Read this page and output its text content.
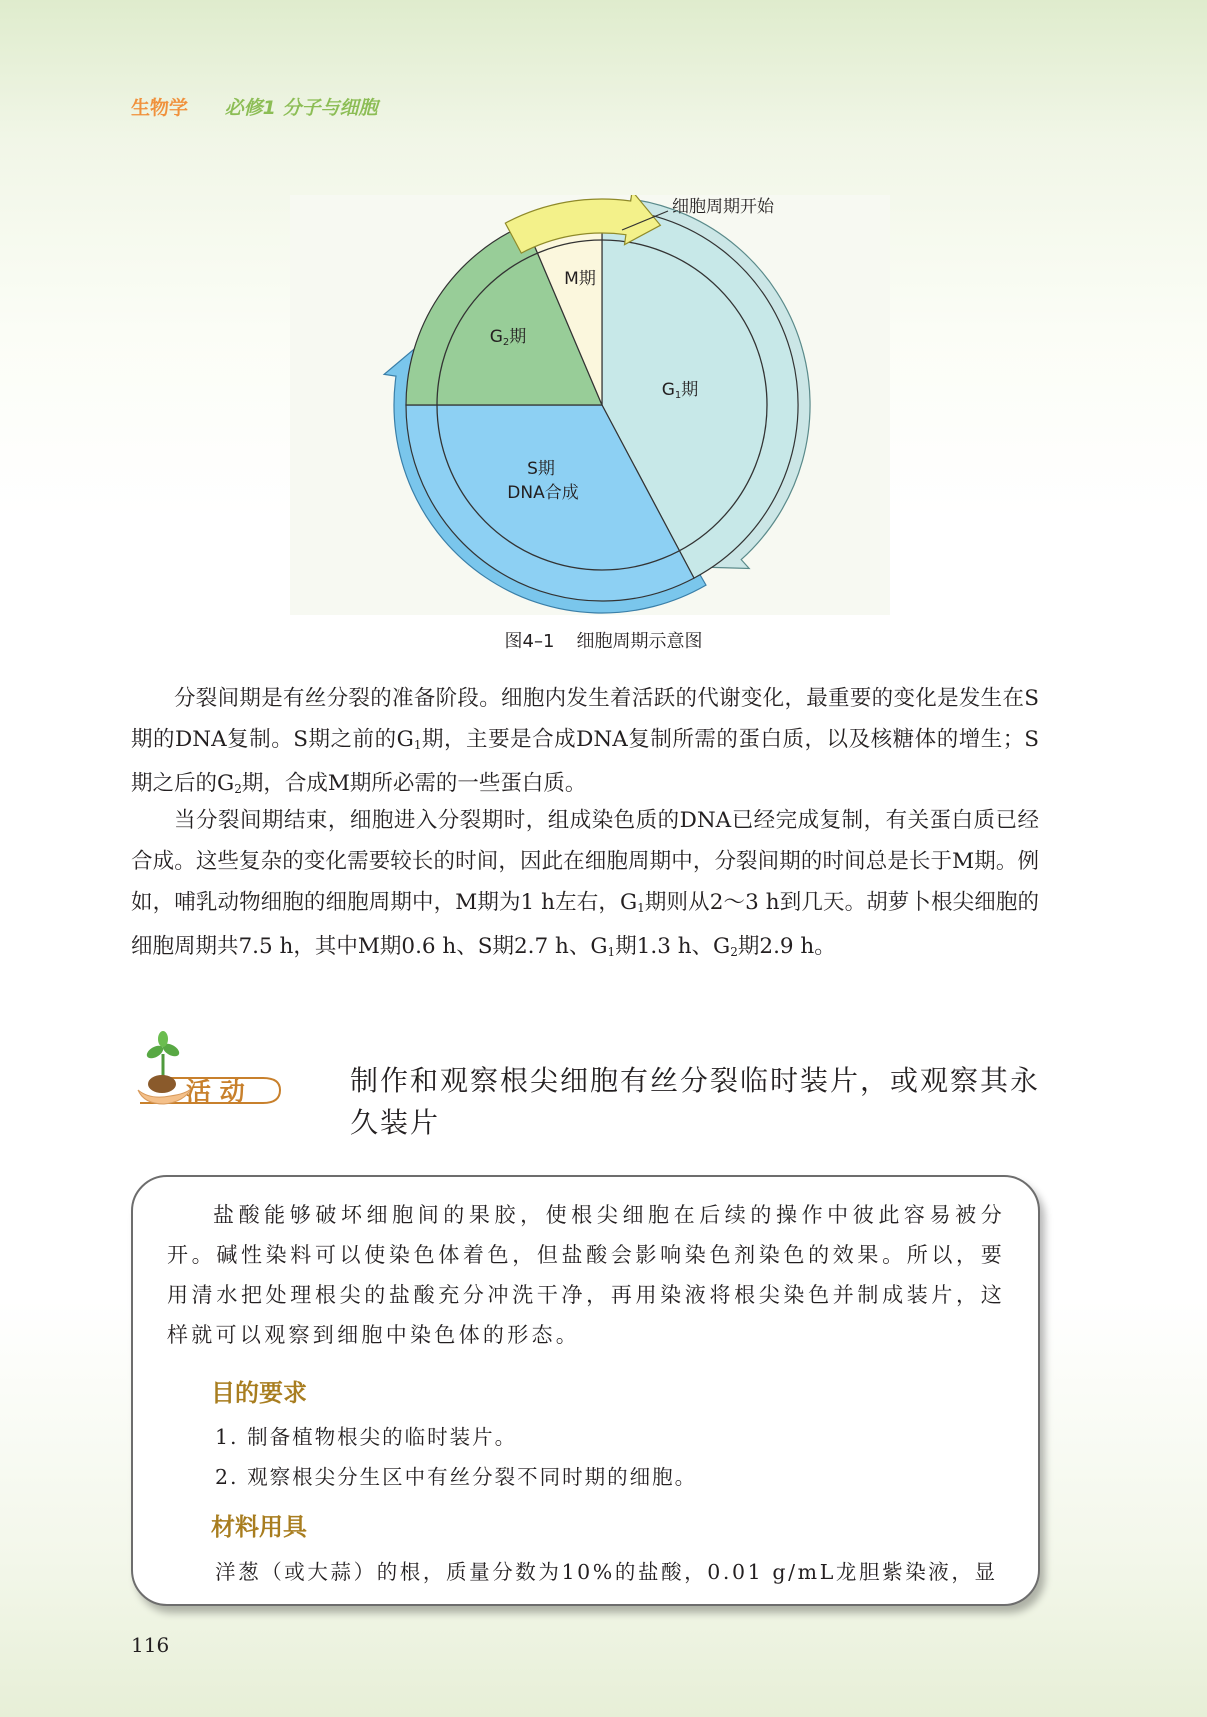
生物学 必修1 分子与细胞
细胞周期开始
M期
G2期
G1期
S期
DNA合成
图4–1 细胞周期示意图

分裂间期是有丝分裂的准备阶段。细胞内发生着活跃的代谢变化，最重要的变化是发生在S期的DNA复制。S期之前的$G_1$期，主要是合成DNA复制所需的蛋白质，以及核糖体的增生；S期之后的$G_2$期，合成M期所必需的一些蛋白质。

当分裂间期结束，细胞进入分裂期时，组成染色质的DNA已经完成复制，有关蛋白质已经合成。这些复杂的变化需要较长的时间，因此在细胞周期中，分裂间期的时间总是长于M期。例如，哺乳动物细胞的细胞周期中，M期为1 h左右，$G_1$期则从2～3 h到几天。胡萝卜根尖细胞的细胞周期共7.5 h，其中M期0.6 h、S期2.7 h、$G_1$期1.3 h、$G_2$期2.9 h。

活 动	制作和观察根尖细胞有丝分裂临时装片，或观察其永久装片

盐酸能够破坏细胞间的果胶，使根尖细胞在后续的操作中彼此容易被分开。碱性染料可以使染色体着色，但盐酸会影响染色剂染色的效果。所以，要用清水把处理根尖的盐酸充分冲洗干净，再用染液将根尖染色并制成装片，这样就可以观察到细胞中染色体的形态。

目的要求

1. 制备植物根尖的临时装片。

2. 观察根尖分生区中有丝分裂不同时期的细胞。

材料用具

洋葱（或大蒜）的根，质量分数为10%的盐酸，0.01 g/mL龙胆紫染液，显

116
